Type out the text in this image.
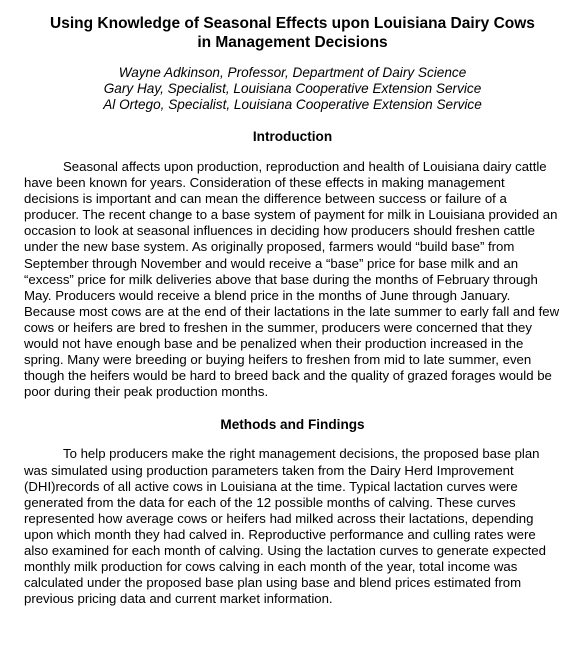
Using Knowledge of Seasonal Effects upon Louisiana Dairy Cows
in Management Decisions
Wayne Adkinson, Professor, Department of Dairy Science
Gary Hay, Specialist, Louisiana Cooperative Extension Service
Al Ortego, Specialist, Louisiana Cooperative Extension Service
Introduction

Seasonal affects upon production, reproduction and health of Louisiana dairy cattle have been known for years. Consideration of these effects in making management decisions is important and can mean the difference between success or failure of a producer. The recent change to a base system of payment for milk in Louisiana provided an occasion to look at seasonal influences in deciding how producers should freshen cattle under the new base system. As originally proposed, farmers would “build base” from September through November and would receive a “base” price for base milk and an “excess” price for milk deliveries above that base during the months of February through May. Producers would receive a blend price in the months of June through January. Because most cows are at the end of their lactations in the late summer to early fall and few cows or heifers are bred to freshen in the summer, producers were concerned that they would not have enough base and be penalized when their production increased in the spring. Many were breeding or buying heifers to freshen from mid to late summer, even though the heifers would be hard to breed back and the quality of grazed forages would be poor during their peak production months.

Methods and Findings

To help producers make the right management decisions, the proposed base plan was simulated using production parameters taken from the Dairy Herd Improvement (DHI)records of all active cows in Louisiana at the time. Typical lactation curves were generated from the data for each of the 12 possible months of calving. These curves represented how average cows or heifers had milked across their lactations, depending upon which month they had calved in. Reproductive performance and culling rates were also examined for each month of calving. Using the lactation curves to generate expected monthly milk production for cows calving in each month of the year, total income was calculated under the proposed base plan using base and blend prices estimated from previous pricing data and current market information.
